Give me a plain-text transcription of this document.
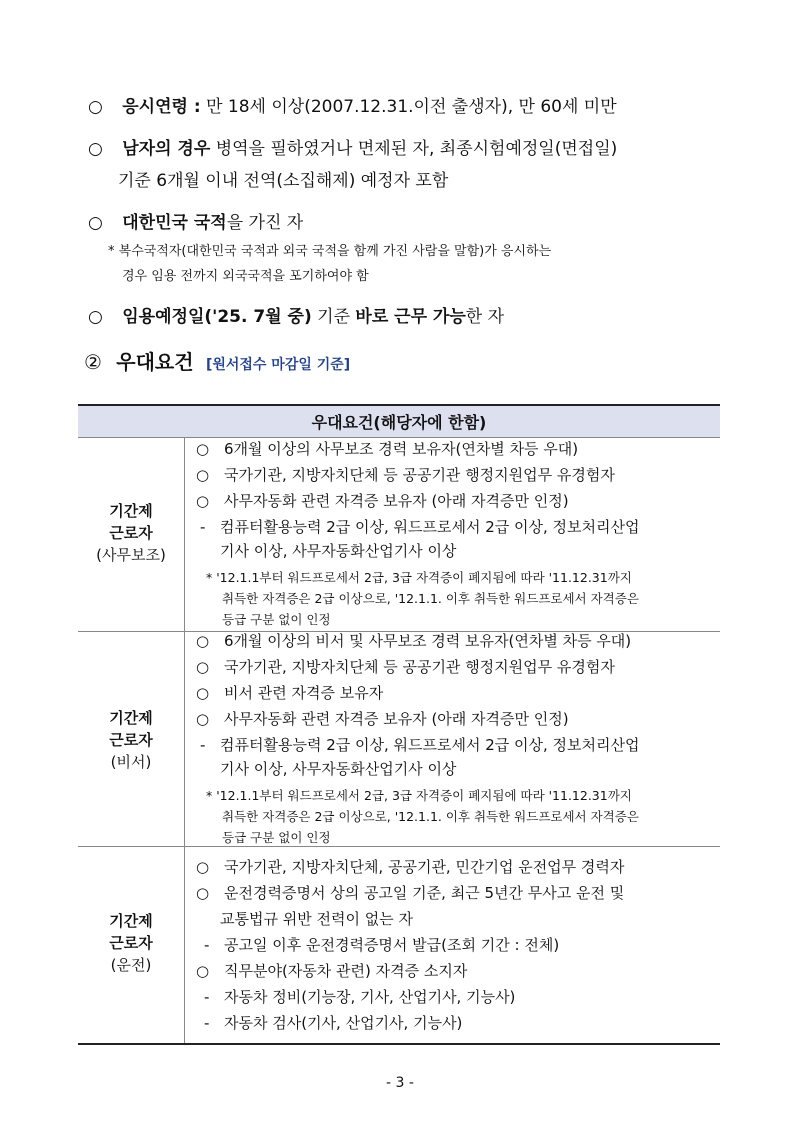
○ 응시연령 : 만 18세 이상(2007.12.31.이전 출생자), 만 60세 미만
○ 남자의 경우 병역을 필하였거나 면제된 자, 최종시험예정일(면접일)
기준 6개월 이내 전역(소집해제) 예정자 포함
○ 대한민국 국적을 가진 자
* 복수국적자(대한민국 국적과 외국 국적을 함께 가진 사람을 말함)가 응시하는
경우 임용 전까지 외국국적을 포기하여야 함
○ 임용예정일('25. 7월 중) 기준 바로 근무 가능한 자
② 우대요건 [원서접수 마감일 기준]
우대요건(해당자에 한함)
기간제
근로자
(사무보조)
○ 6개월 이상의 사무보조 경력 보유자(연차별 차등 우대)
○ 국가기관, 지방자치단체 등 공공기관 행정지원업무 유경험자
○ 사무자동화 관련 자격증 보유자 (아래 자격증만 인정)
- 컴퓨터활용능력 2급 이상, 워드프로세서 2급 이상, 정보처리산업
기사 이상, 사무자동화산업기사 이상
* '12.1.1부터 워드프로세서 2급, 3급 자격증이 폐지됨에 따라 '11.12.31까지
취득한 자격증은 2급 이상으로, '12.1.1. 이후 취득한 워드프로세서 자격증은
등급 구분 없이 인정
기간제
근로자
(비서)
○ 6개월 이상의 비서 및 사무보조 경력 보유자(연차별 차등 우대)
○ 국가기관, 지방자치단체 등 공공기관 행정지원업무 유경험자
○ 비서 관련 자격증 보유자
○ 사무자동화 관련 자격증 보유자 (아래 자격증만 인정)
- 컴퓨터활용능력 2급 이상, 워드프로세서 2급 이상, 정보처리산업
기사 이상, 사무자동화산업기사 이상
* '12.1.1부터 워드프로세서 2급, 3급 자격증이 폐지됨에 따라 '11.12.31까지
취득한 자격증은 2급 이상으로, '12.1.1. 이후 취득한 워드프로세서 자격증은
등급 구분 없이 인정
기간제
근로자
(운전)
○ 국가기관, 지방자치단체, 공공기관, 민간기업 운전업무 경력자
○ 운전경력증명서 상의 공고일 기준, 최근 5년간 무사고 운전 및
교통법규 위반 전력이 없는 자
- 공고일 이후 운전경력증명서 발급(조회 기간 : 전체)
○ 직무분야(자동차 관련) 자격증 소지자
- 자동차 정비(기능장, 기사, 산업기사, 기능사)
- 자동차 검사(기사, 산업기사, 기능사)
- 3 -
